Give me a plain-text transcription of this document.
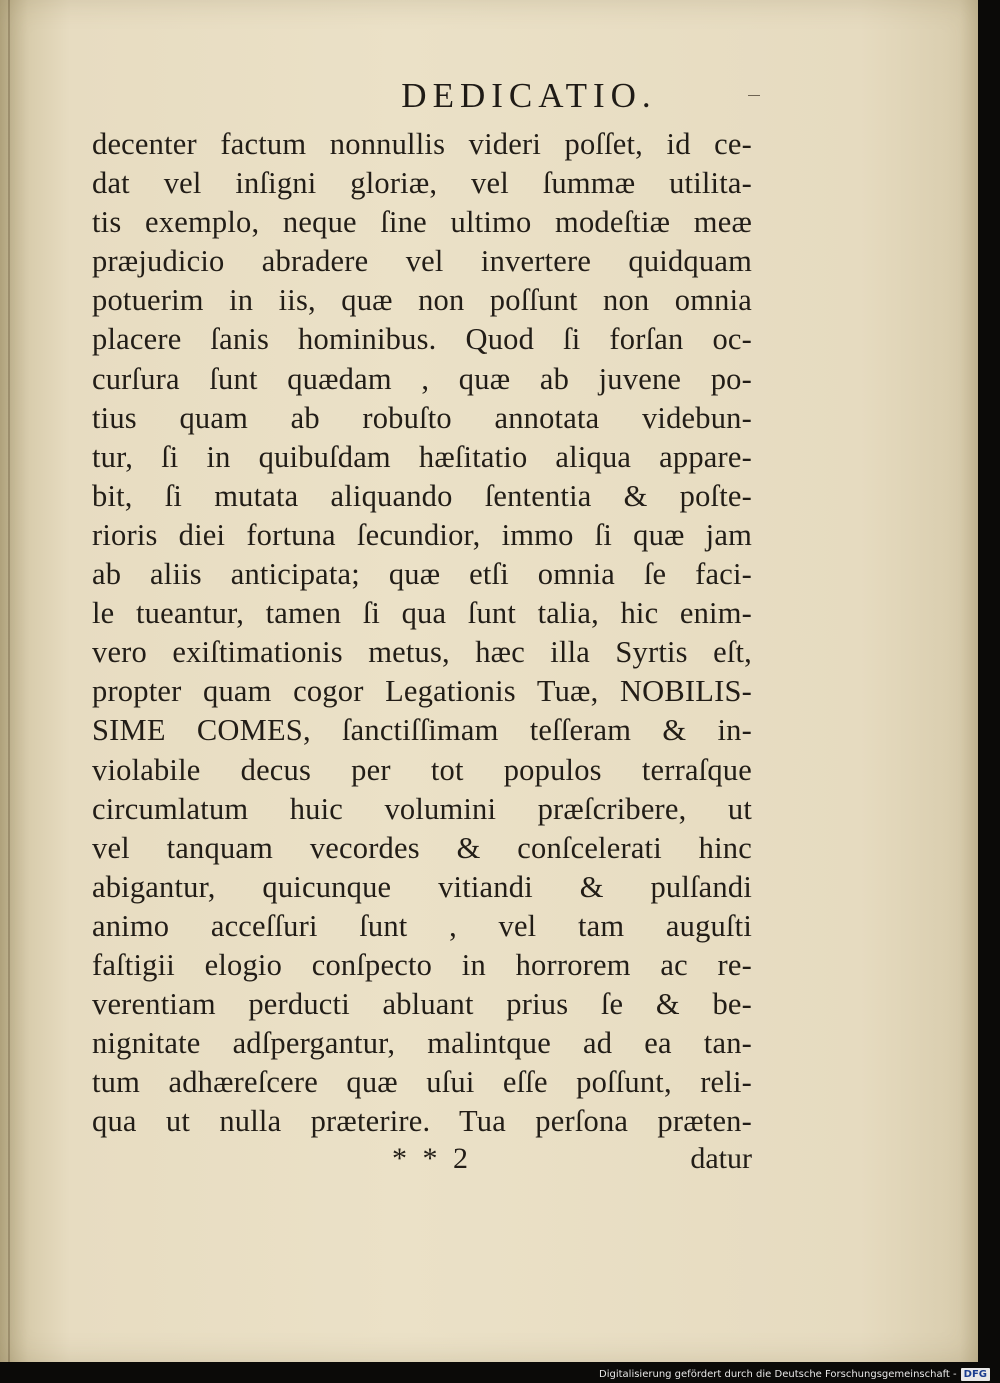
DEDICATIO.
decenter factum nonnullis videri poſſet, id ce-
dat vel inſigni gloriæ, vel ſummæ utilita-
tis exemplo, neque ſine ultimo modeſtiæ meæ
præjudicio abradere vel invertere quidquam
potuerim in iis, quæ non poſſunt non omnia
placere ſanis hominibus. Quod ſi forſan oc-
curſura ſunt quædam , quæ ab juvene po-
tius quam ab robuſto annotata videbun-
tur, ſi in quibuſdam hæſitatio aliqua appare-
bit, ſi mutata aliquando ſententia & poſte-
rioris diei fortuna ſecundior, immo ſi quæ jam
ab aliis anticipata; quæ etſi omnia ſe faci-
le tueantur, tamen ſi qua ſunt talia, hic enim-
vero exiſtimationis metus, hæc illa Syrtis eſt,
propter quam cogor Legationis Tuæ, NOBILIS-
SIME COMES, ſanctiſſimam teſſeram & in-
violabile decus per tot populos terraſque
circumlatum huic volumini præſcribere, ut
vel tanquam vecordes & conſcelerati hinc
abigantur, quicunque vitiandi & pulſandi
animo acceſſuri ſunt , vel tam auguſti
faſtigii elogio conſpecto in horrorem ac re-
verentiam perducti abluant prius ſe & be-
nignitate adſpergantur, malintque ad ea tan-
tum adhæreſcere quæ uſui eſſe poſſunt, reli-
qua ut nulla præterire. Tua perſona præten-
* * 2	datur
Digitalisierung gefördert durch die Deutsche Forschungsgemeinschaft - DFG
